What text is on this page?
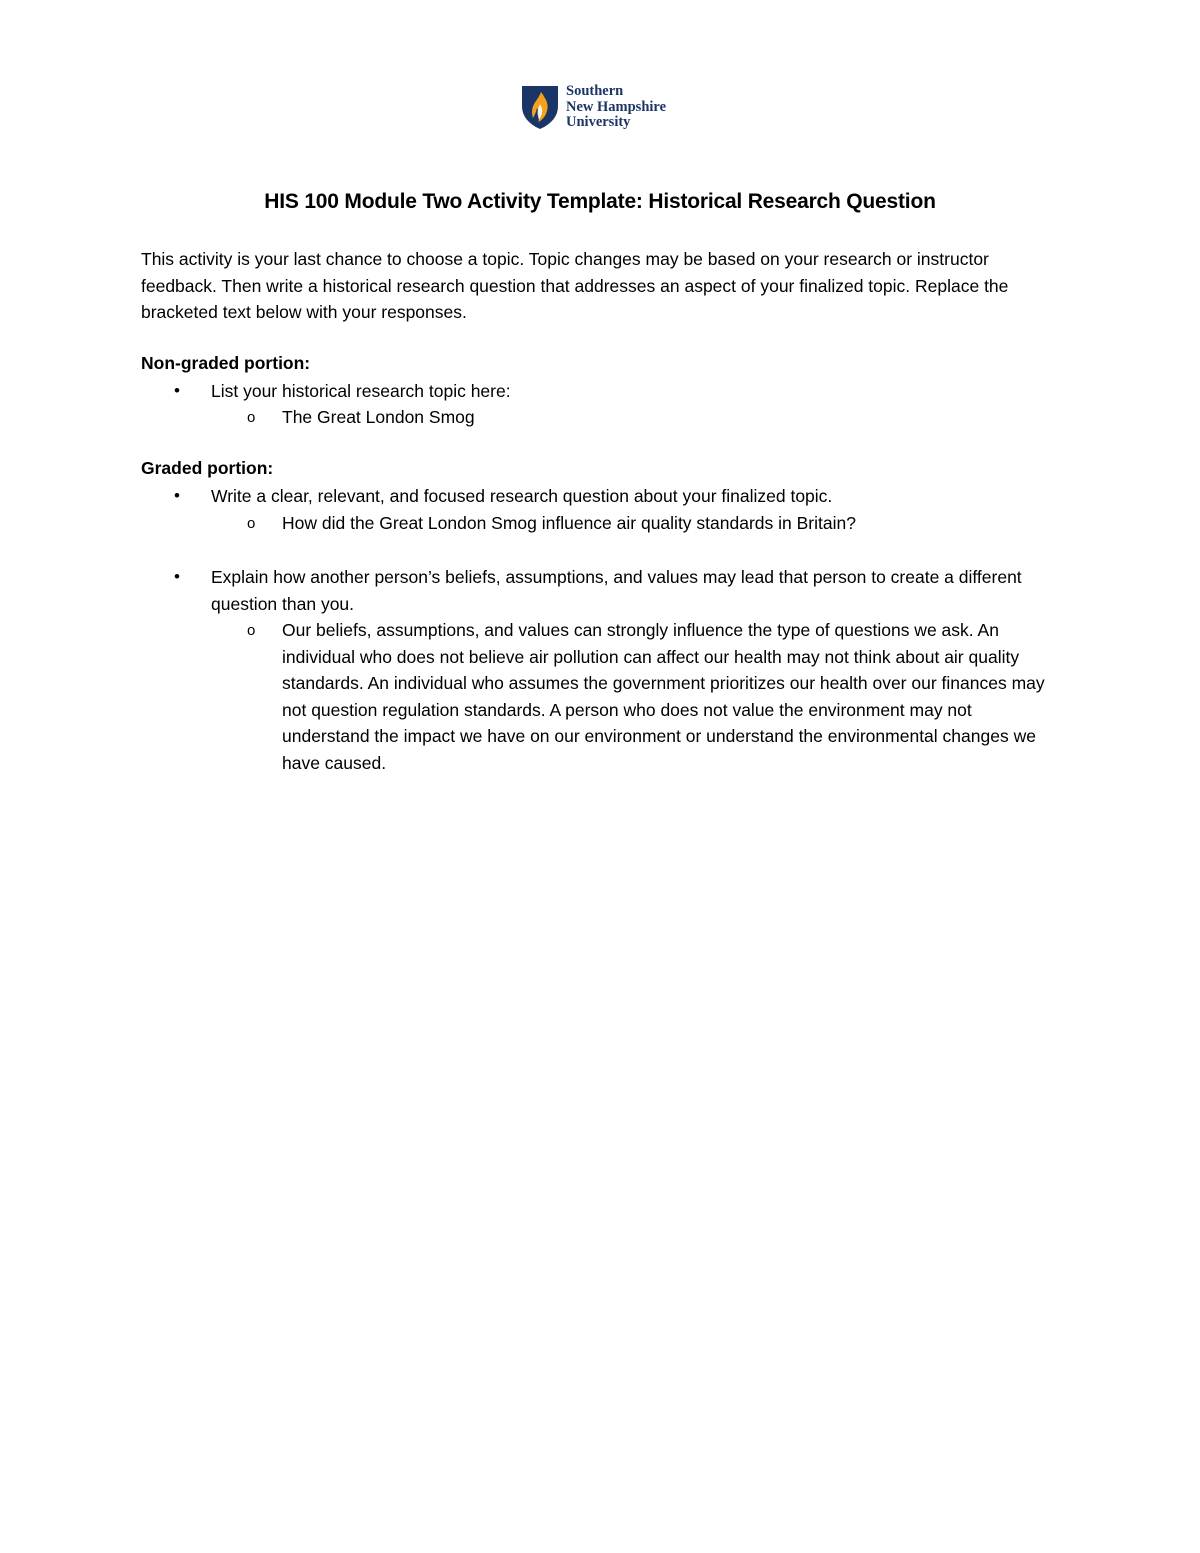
Southern
New Hampshire
University
HIS 100 Module Two Activity Template: Historical Research Question
This activity is your last chance to choose a topic. Topic changes may be based on your research or instructor feedback. Then write a historical research question that addresses an aspect of your finalized topic. Replace the bracketed text below with your responses.
Non-graded portion:
• List your historical research topic here:
o The Great London Smog
Graded portion:
• Write a clear, relevant, and focused research question about your finalized topic.
o How did the Great London Smog influence air quality standards in Britain?
• Explain how another person’s beliefs, assumptions, and values may lead that person to create a different question than you.
o Our beliefs, assumptions, and values can strongly influence the type of questions we ask. An individual who does not believe air pollution can affect our health may not think about air quality standards. An individual who assumes the government prioritizes our health over our finances may not question regulation standards. A person who does not value the environment may not understand the impact we have on our environment or understand the environmental changes we have caused.
